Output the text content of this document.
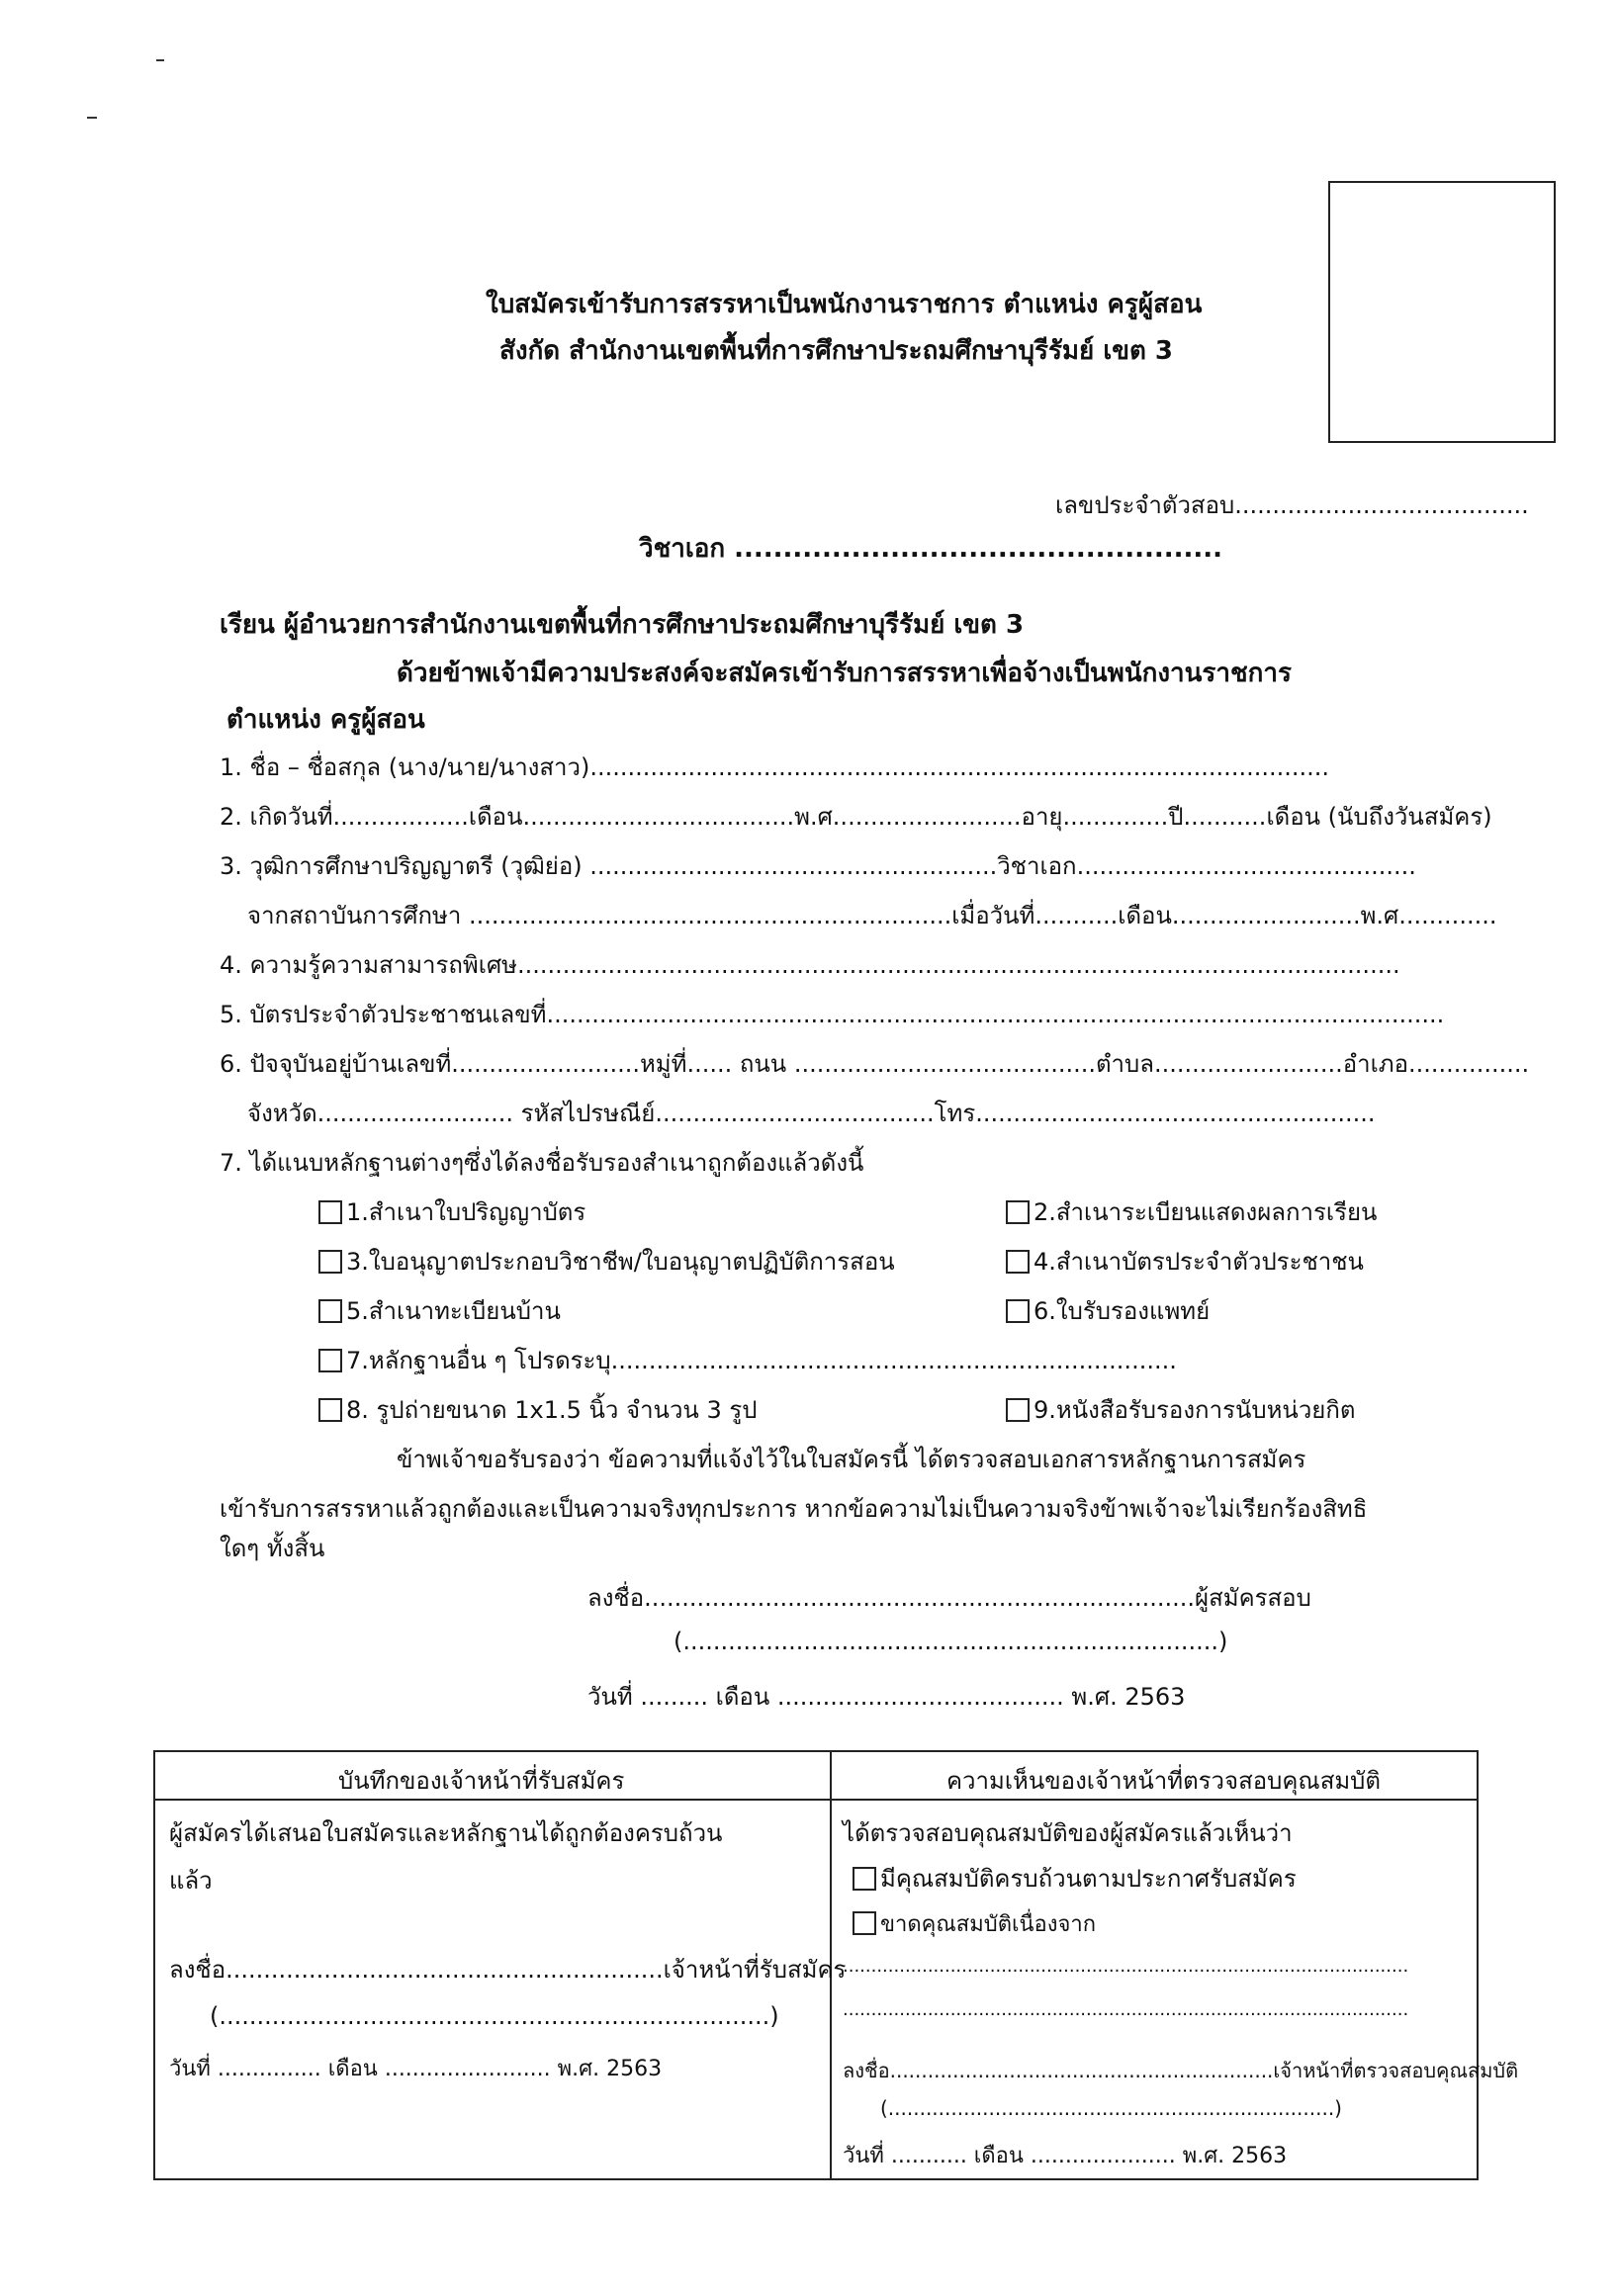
ใบสมัครเข้ารับการสรรหาเป็นพนักงานราชการ ตำแหน่ง ครูผู้สอน
สังกัด สำนักงานเขตพื้นที่การศึกษาประถมศึกษาบุรีรัมย์ เขต 3
เลขประจำตัวสอบ.......................................
วิชาเอก ..................................................
เรียน ผู้อำนวยการสำนักงานเขตพื้นที่การศึกษาประถมศึกษาบุรีรัมย์ เขต 3
ด้วยข้าพเจ้ามีความประสงค์จะสมัครเข้ารับการสรรหาเพื่อจ้างเป็นพนักงานราชการ
ตำแหน่ง ครูผู้สอน
1. ชื่อ – ชื่อสกุล (นาง/นาย/นางสาว)..................................................................................................
2. เกิดวันที่..................เดือน....................................พ.ศ.........................อายุ..............ปี...........เดือน (นับถึงวันสมัคร)
3. วุฒิการศึกษาปริญญาตรี (วุฒิย่อ) ......................................................วิชาเอก.............................................
จากสถาบันการศึกษา ................................................................เมื่อวันที่...........เดือน.........................พ.ศ.............
4. ความรู้ความสามารถพิเศษ.....................................................................................................................
5. บัตรประจำตัวประชาชนเลขที่.......................................................................................................................
6. ปัจจุบันอยู่บ้านเลขที่.........................หมู่ที่...... ถนน ........................................ตำบล.........................อำเภอ................
จังหวัด.......................... รหัสไปรษณีย์.....................................โทร.....................................................
7. ได้แนบหลักฐานต่างๆซึ่งได้ลงชื่อรับรองสำเนาถูกต้องแล้วดังนี้
1.สำเนาใบปริญญาบัตร	2.สำเนาระเบียนแสดงผลการเรียน
3.ใบอนุญาตประกอบวิชาชีพ/ใบอนุญาตปฏิบัติการสอน	4.สำเนาบัตรประจำตัวประชาชน
5.สำเนาทะเบียนบ้าน	6.ใบรับรองแพทย์
7.หลักฐานอื่น ๆ โปรดระบุ...........................................................................
8. รูปถ่ายขนาด 1x1.5 นิ้ว จำนวน 3 รูป	9.หนังสือรับรองการนับหน่วยกิต
ข้าพเจ้าขอรับรองว่า ข้อความที่แจ้งไว้ในใบสมัครนี้ ได้ตรวจสอบเอกสารหลักฐานการสมัคร
เข้ารับการสรรหาแล้วถูกต้องและเป็นความจริงทุกประการ หากข้อความไม่เป็นความจริงข้าพเจ้าจะไม่เรียกร้องสิทธิ
ใดๆ ทั้งสิ้น
ลงชื่อ.........................................................................ผู้สมัครสอบ
(.......................................................................)
วันที่ ......... เดือน ...................................... พ.ศ. 2563
บันทึกของเจ้าหน้าที่รับสมัคร	ความเห็นของเจ้าหน้าที่ตรวจสอบคุณสมบัติ
ผู้สมัครได้เสนอใบสมัครและหลักฐานได้ถูกต้องครบถ้วน
แล้ว
ลงชื่อ..........................................................เจ้าหน้าที่รับสมัคร
(.........................................................................)
วันที่ ............... เดือน ........................ พ.ศ. 2563
ได้ตรวจสอบคุณสมบัติของผู้สมัครแล้วเห็นว่า
มีคุณสมบัติครบถ้วนตามประกาศรับสมัคร
ขาดคุณสมบัติเนื่องจาก
....................................................................................................
....................................................................................................
ลงชื่อ.............................................................เจ้าหน้าที่ตรวจสอบคุณสมบัติ
(.......................................................................)
วันที่ ........... เดือน ..................... พ.ศ. 2563
